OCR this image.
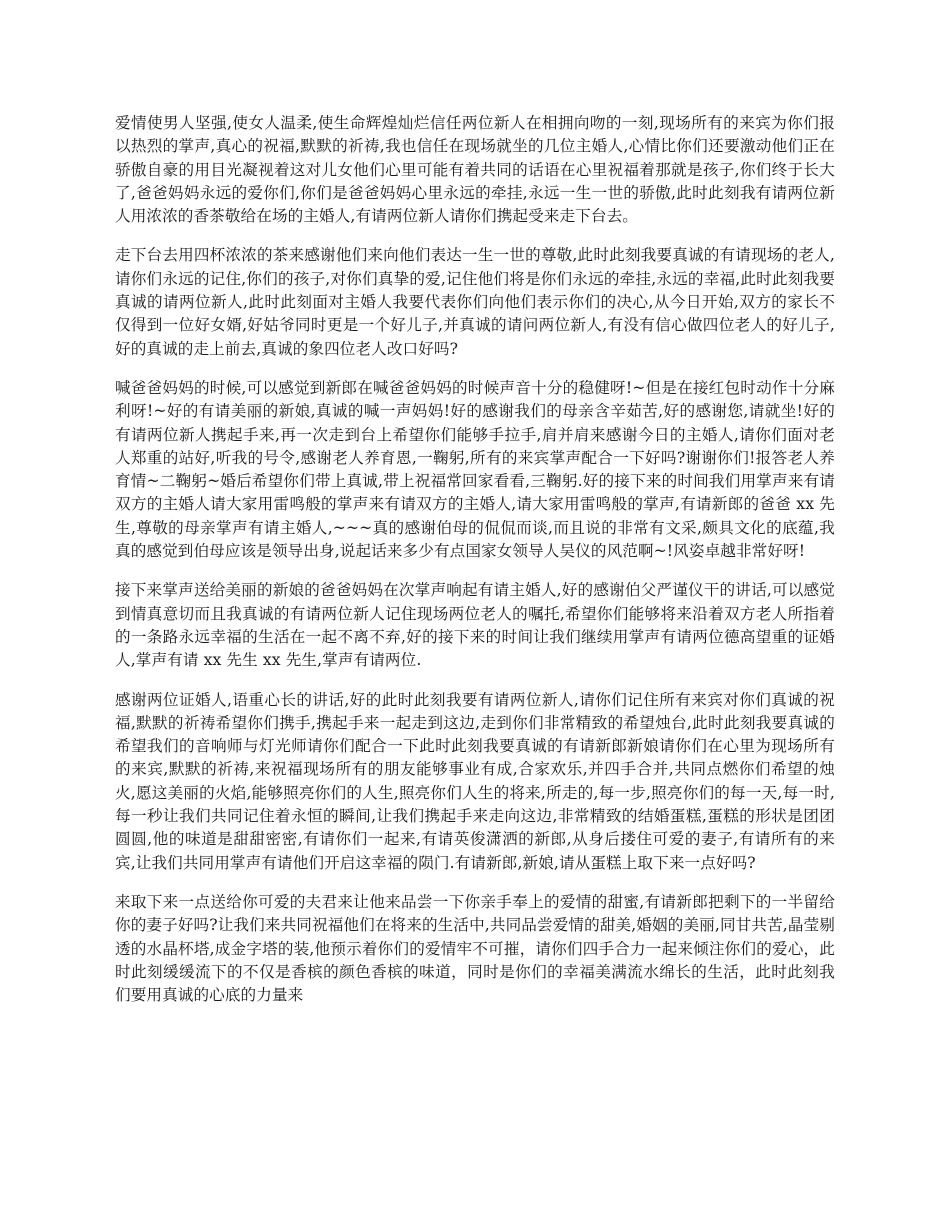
爱情使男人坚强,使女人温柔,使生命辉煌灿烂信任两位新人在相拥向吻的一刻,现场所有的来宾为你们报以热烈的掌声,真心的祝福,默默的祈祷,我也信任在现场就坐的几位主婚人,心情比你们还要激动他们正在骄傲自豪的用目光凝视着这对儿女他们心里可能有着共同的话语在心里祝福着那就是孩子,你们终于长大了,爸爸妈妈永远的爱你们,你们是爸爸妈妈心里永远的牵挂,永远一生一世的骄傲,此时此刻我有请两位新人用浓浓的香茶敬给在场的主婚人,有请两位新人请你们携起受来走下台去。

走下台去用四杯浓浓的茶来感谢他们来向他们表达一生一世的尊敬,此时此刻我要真诚的有请现场的老人,请你们永远的记住,你们的孩子,对你们真挚的爱,记住他们将是你们永远的牵挂,永远的幸福,此时此刻我要真诚的请两位新人,此时此刻面对主婚人我要代表你们向他们表示你们的决心,从今日开始,双方的家长不仅得到一位好女婿,好姑爷同时更是一个好儿子,并真诚的请问两位新人,有没有信心做四位老人的好儿子,好的真诚的走上前去,真诚的象四位老人改口好吗?

喊爸爸妈妈的时候,可以感觉到新郎在喊爸爸妈妈的时候声音十分的稳健呀!~但是在接红包时动作十分麻利呀!~好的有请美丽的新娘,真诚的喊一声妈妈!好的感谢我们的母亲含辛茹苦,好的感谢您,请就坐!好的有请两位新人携起手来,再一次走到台上希望你们能够手拉手,肩并肩来感谢今日的主婚人,请你们面对老人郑重的站好,听我的号令,感谢老人养育恩,一鞠躬,所有的来宾掌声配合一下好吗?谢谢你们!报答老人养育情~二鞠躬~婚后希望你们带上真诚,带上祝福常回家看看,三鞠躬.好的接下来的时间我们用掌声来有请双方的主婚人请大家用雷鸣般的掌声来有请双方的主婚人,请大家用雷鸣般的掌声,有请新郎的爸爸 xx 先生,尊敬的母亲掌声有请主婚人,~~~真的感谢伯母的侃侃而谈,而且说的非常有文采,颇具文化的底蕴,我真的感觉到伯母应该是领导出身,说起话来多少有点国家女领导人吴仪的风范啊~!风姿卓越非常好呀!

接下来掌声送给美丽的新娘的爸爸妈妈在次掌声响起有请主婚人,好的感谢伯父严谨仪干的讲话,可以感觉到情真意切而且我真诚的有请两位新人记住现场两位老人的嘱托,希望你们能够将来沿着双方老人所指着的一条路永远幸福的生活在一起不离不弃,好的接下来的时间让我们继续用掌声有请两位德高望重的证婚人,掌声有请 xx 先生 xx 先生,掌声有请两位.

感谢两位证婚人,语重心长的讲话,好的此时此刻我要有请两位新人,请你们记住所有来宾对你们真诚的祝福,默默的祈祷希望你们携手,携起手来一起走到这边,走到你们非常精致的希望烛台,此时此刻我要真诚的希望我们的音响师与灯光师请你们配合一下此时此刻我要真诚的有请新郎新娘请你们在心里为现场所有的来宾,默默的祈祷,来祝福现场所有的朋友能够事业有成,合家欢乐,并四手合并,共同点燃你们希望的烛火,愿这美丽的火焰,能够照亮你们的人生,照亮你们人生的将来,所走的,每一步,照亮你们的每一天,每一时,每一秒让我们共同记住着永恒的瞬间,让我们携起手来走向这边,非常精致的结婚蛋糕,蛋糕的形状是团团圆圆,他的味道是甜甜密密,有请你们一起来,有请英俊潇洒的新郎,从身后搂住可爱的妻子,有请所有的来宾,让我们共同用掌声有请他们开启这幸福的陨门.有请新郎,新娘,请从蛋糕上取下来一点好吗?

来取下来一点送给你可爱的夫君来让他来品尝一下你亲手奉上的爱情的甜蜜,有请新郎把剩下的一半留给你的妻子好吗?让我们来共同祝福他们在将来的生活中,共同品尝爱情的甜美,婚姻的美丽,同甘共苦,晶莹剔透的水晶杯塔,成金字塔的装,他预示着你们的爱情牢不可摧，请你们四手合力一起来倾注你们的爱心，此时此刻缓缓流下的不仅是香槟的颜色香槟的味道，同时是你们的幸福美满流水绵长的生活，此时此刻我们要用真诚的心底的力量来
